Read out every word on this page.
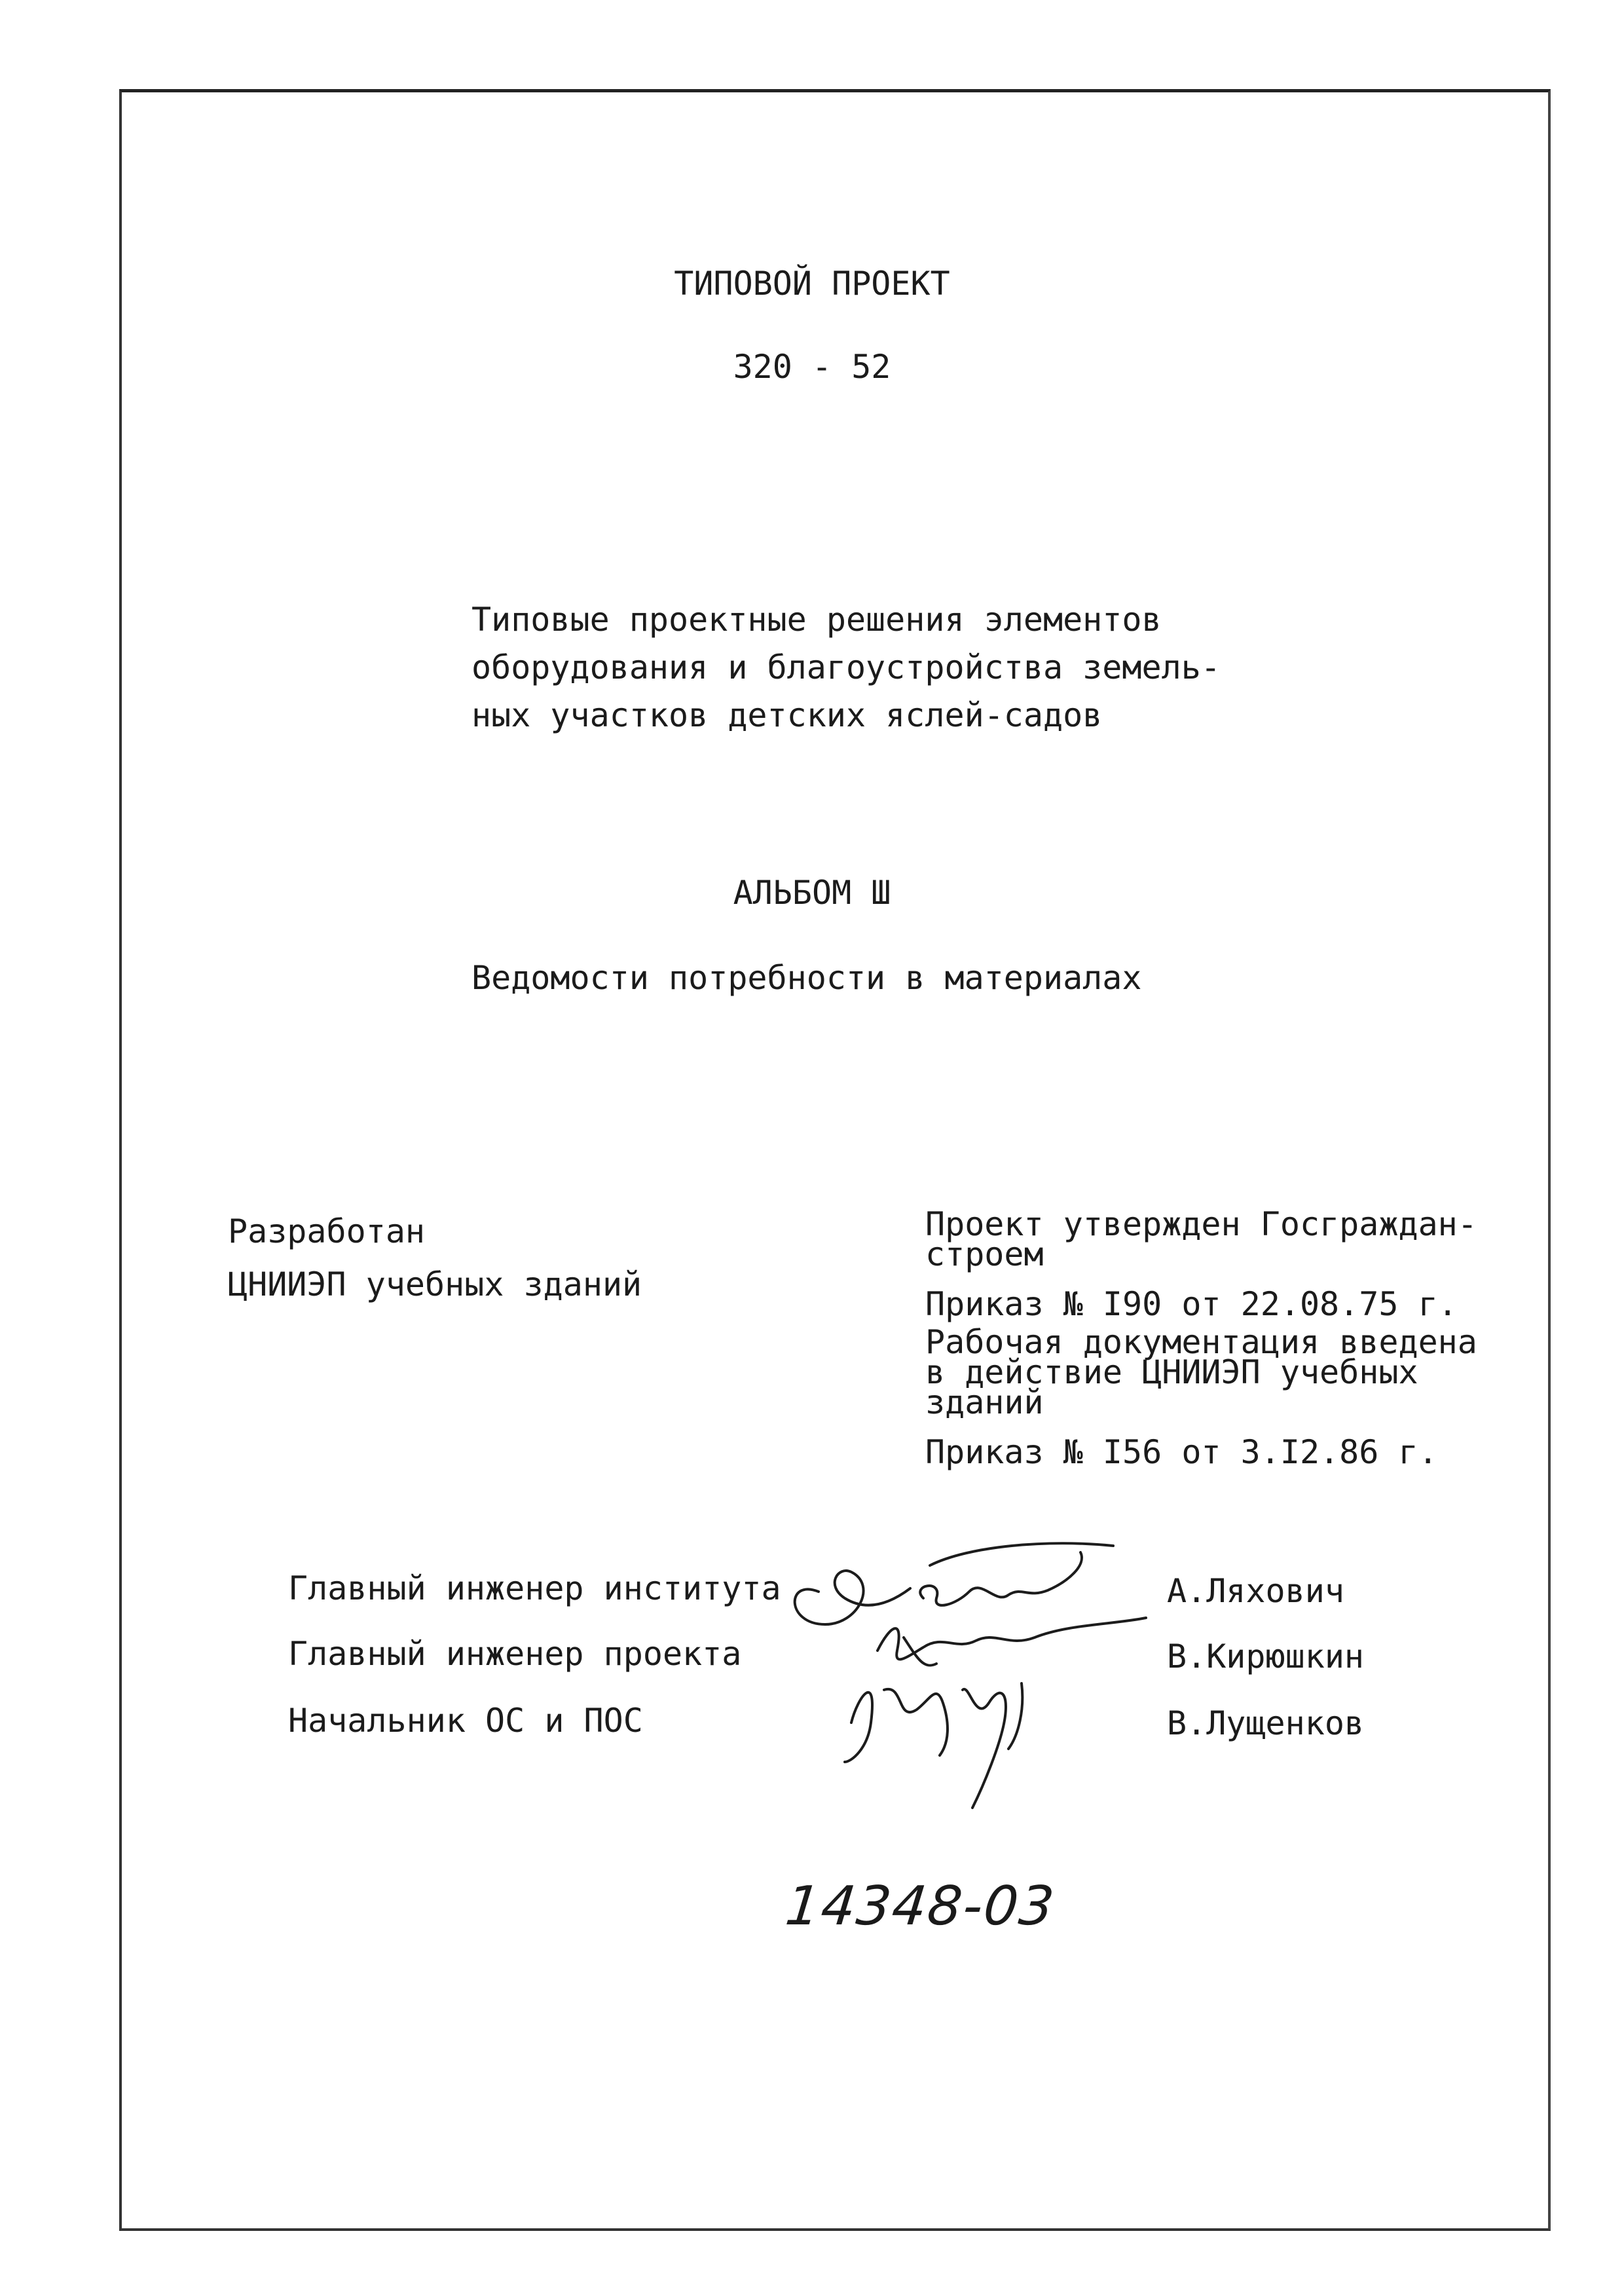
ТИПОВОЙ ПРОЕКТ
320 - 52
Типовые проектные решения элементов
оборудования и благоустройства земель-
ных участков детских яслей-садов
АЛЬБОМ Ш
Ведомости потребности в материалах
Разработан
ЦНИИЭП учебных зданий
Проект утвержден Госграждан-
строем
Приказ № I90 от 22.08.75 г.
Рабочая документация введена
в действие ЦНИИЭП учебных
зданий
Приказ № I56 от 3.I2.86 г.
Главный инженер института	А.Ляхович
Главный инженер проекта	В.Кирюшкин
Начальник ОС и ПОС	В.Лущенков
14348-03
